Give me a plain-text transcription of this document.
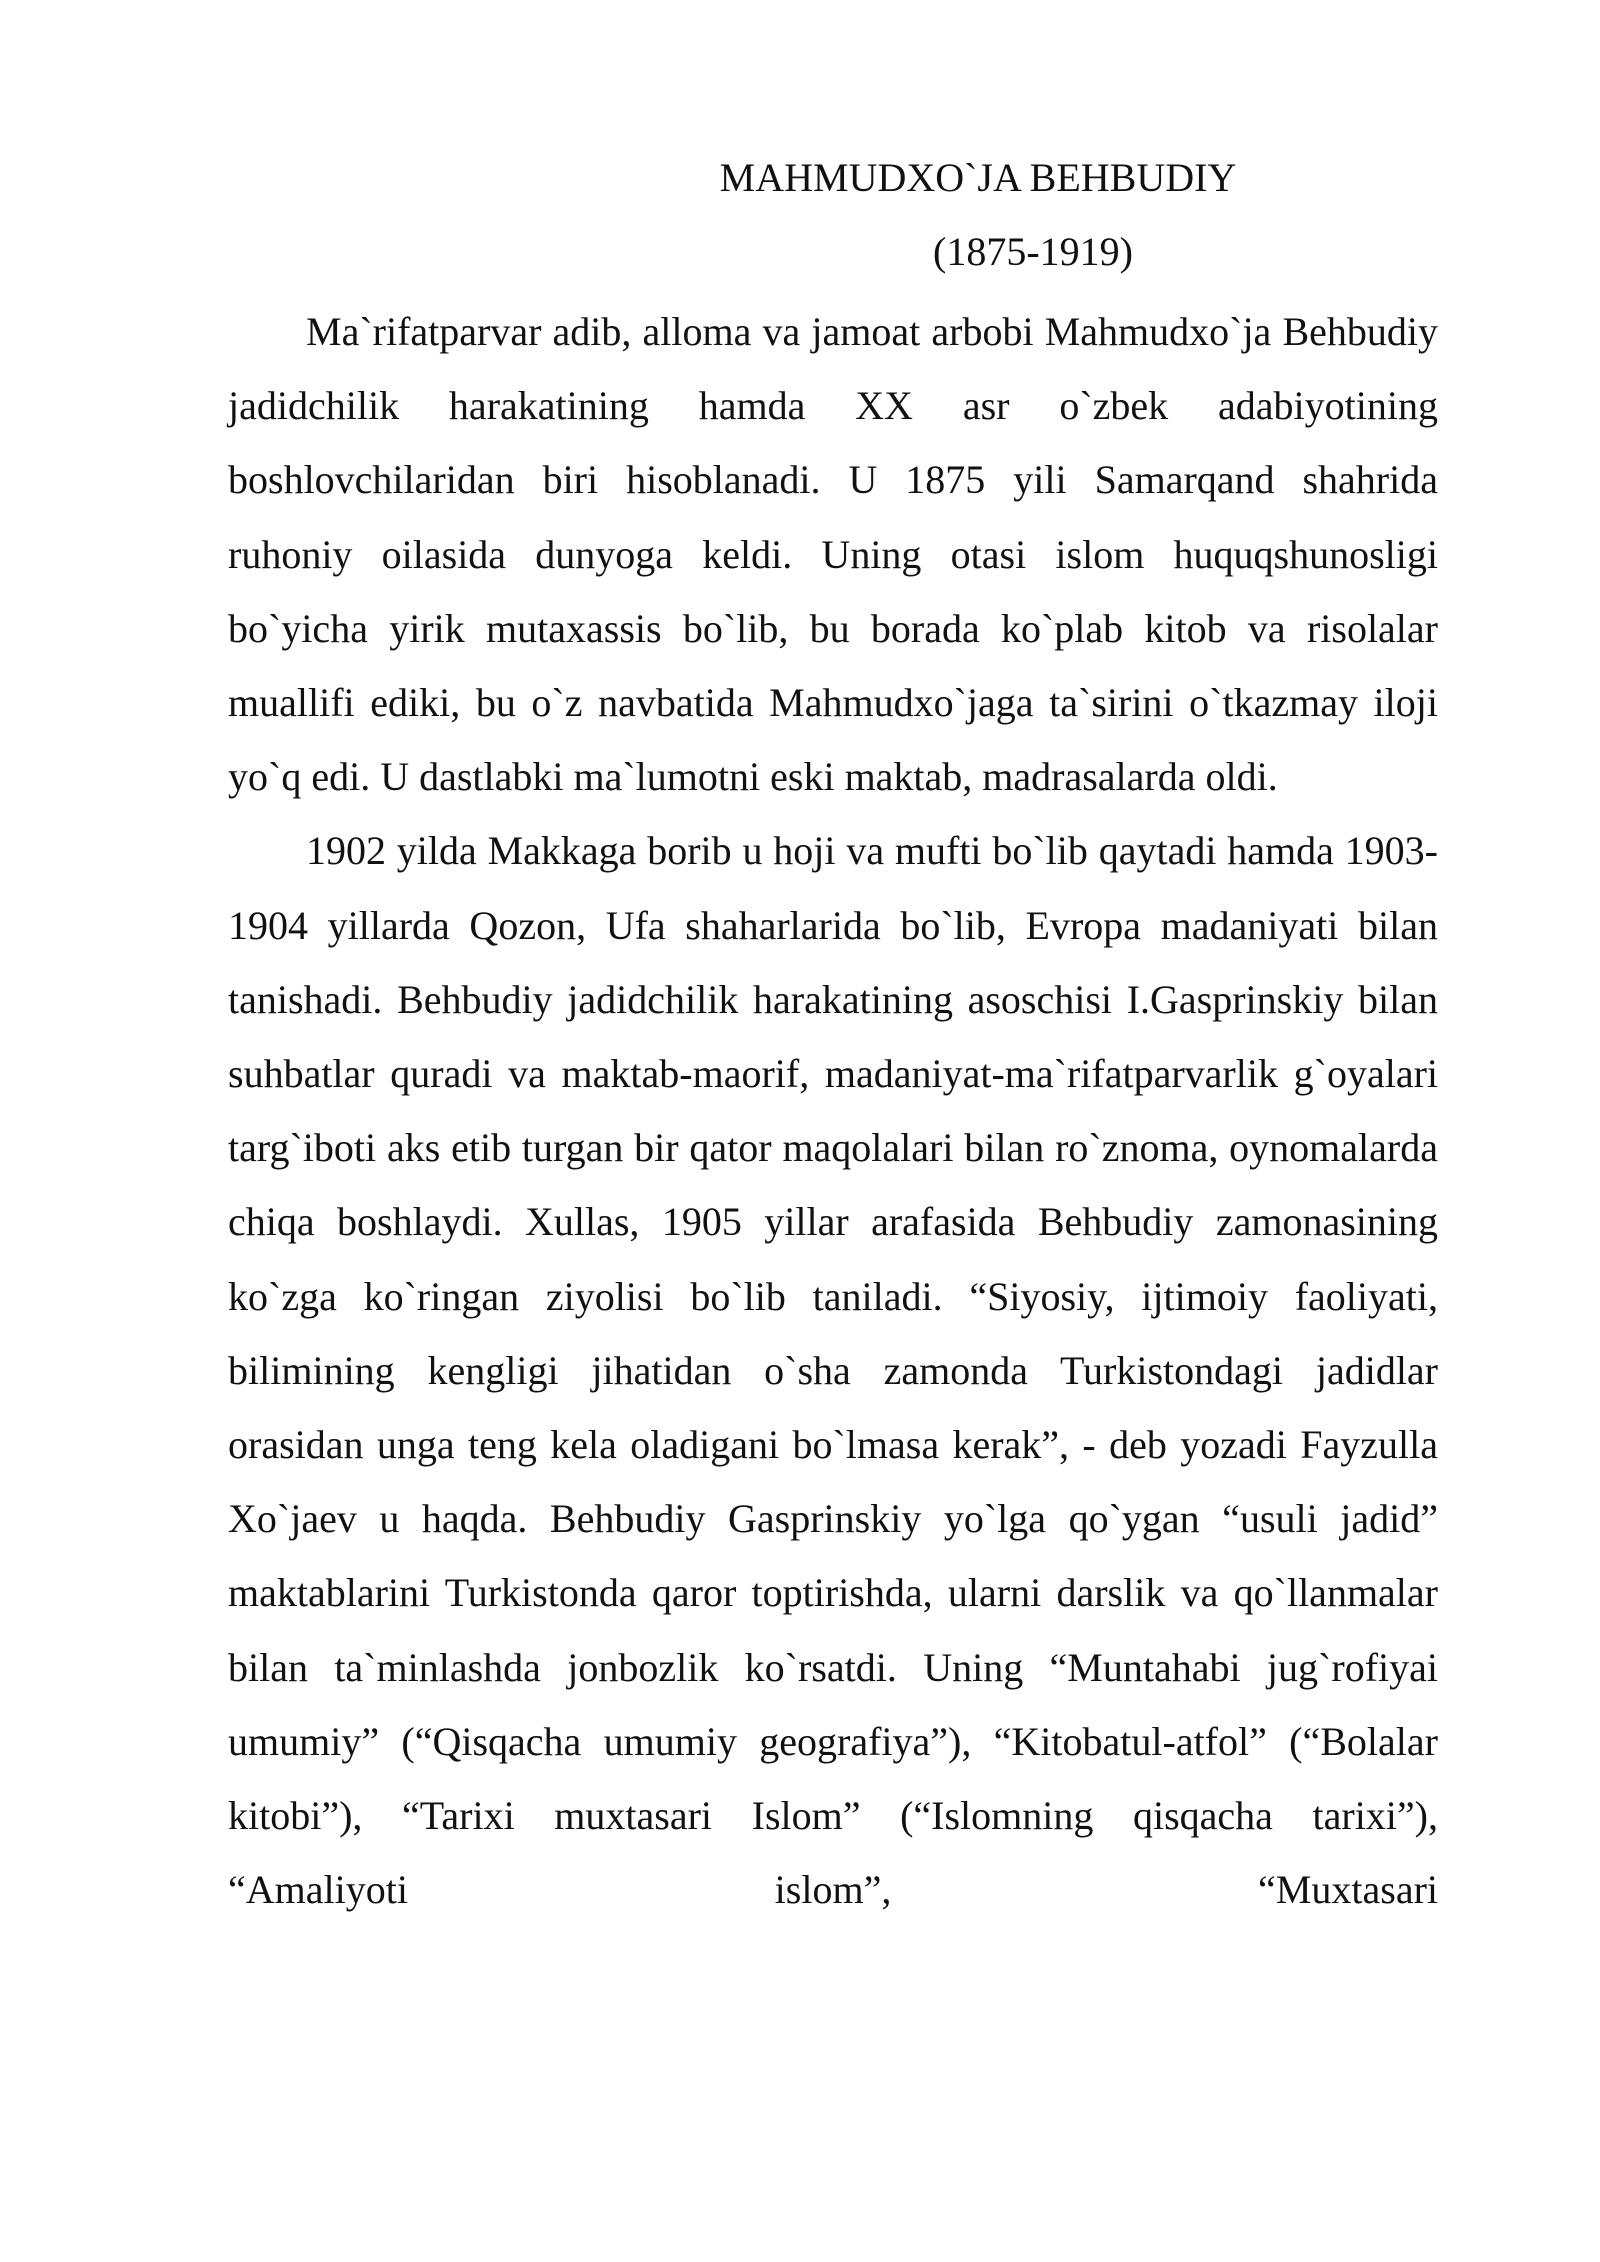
MAHMUDXO`JA BEHBUDIY
(1875-1919)

Ma`rifatparvar adib, alloma va jamoat arbobi Mahmudxo`ja Behbudiy jadidchilik harakatining hamda XX asr o`zbek adabiyotining boshlovchilaridan biri hisoblanadi. U 1875 yili Samarqand shahrida ruhoniy oilasida dunyoga keldi. Uning otasi islom huquqshunosligi bo`yicha yirik mutaxassis bo`lib, bu borada ko`plab kitob va risolalar muallifi ediki, bu o`z navbatida Mahmudxo`jaga ta`sirini o`tkazmay iloji yo`q edi. U dastlabki ma`lumotni eski maktab, madrasalarda oldi.

1902 yilda Makkaga borib u hoji va mufti bo`lib qaytadi hamda 1903-1904 yillarda Qozon, Ufa shaharlarida bo`lib, Evropa madaniyati bilan tanishadi. Behbudiy jadidchilik harakatining asoschisi I.Gasprinskiy bilan suhbatlar quradi va maktab-maorif, madaniyat-ma`rifatparvarlik g`oyalari targ`iboti aks etib turgan bir qator maqolalari bilan ro`znoma, oynomalarda chiqa boshlaydi. Xullas, 1905 yillar arafasida Behbudiy zamonasining ko`zga ko`ringan ziyolisi bo`lib taniladi. “Siyosiy, ijtimoiy faoliyati, bilimining kengligi jihatidan o`sha zamonda Turkistondagi jadidlar orasidan unga teng kela oladigani bo`lmasa kerak”, - deb yozadi Fayzulla Xo`jaev u haqda. Behbudiy Gasprinskiy yo`lga qo`ygan “usuli jadid” maktablarini Turkistonda qaror toptirishda, ularni darslik va qo`llanmalar bilan ta`minlashda jonbozlik ko`rsatdi. Uning “Muntahabi jug`rofiyai umumiy” (“Qisqacha umumiy geografiya”), “Kitobatul-atfol” (“Bolalar kitobi”), “Tarixi muxtasari Islom” (“Islomning qisqacha tarixi”), “Amaliyoti islom”, “Muxtasari
